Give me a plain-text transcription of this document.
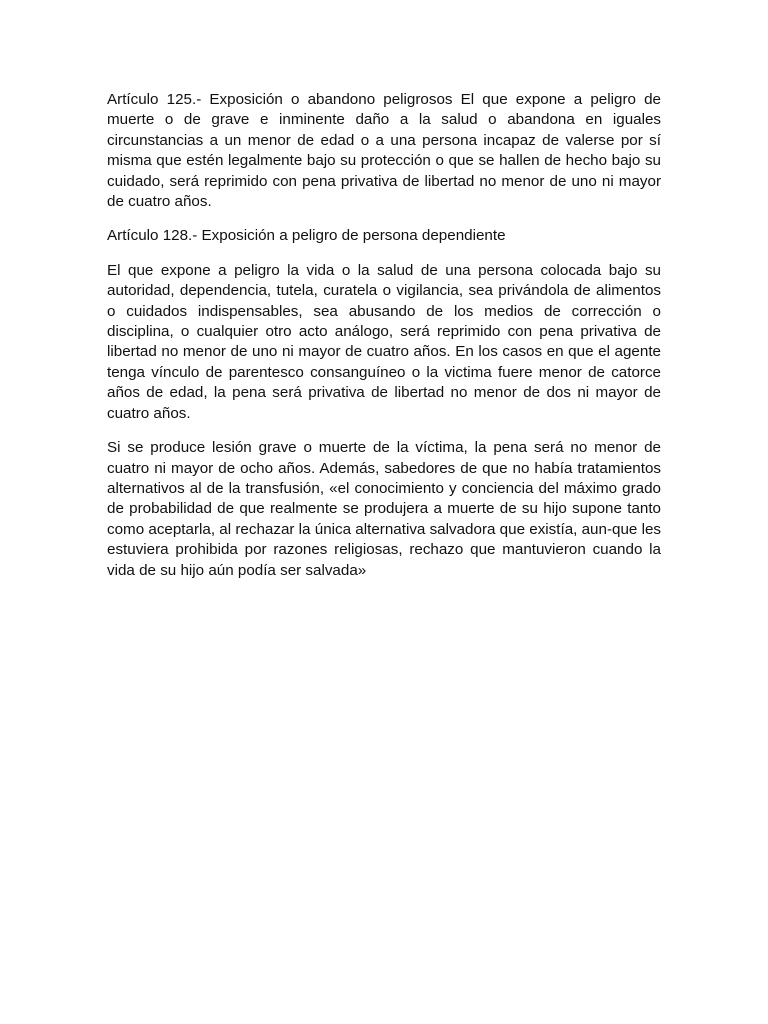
Artículo 125.- Exposición o abandono peligrosos El que expone a peligro de muerte o de grave e inminente daño a la salud o abandona en iguales circunstancias a un menor de edad o a una persona incapaz de valerse por sí misma que estén legalmente bajo su protección o que se hallen de hecho bajo su cuidado, será reprimido con pena privativa de libertad no menor de uno ni mayor de cuatro años.

Artículo 128.- Exposición a peligro de persona dependiente

El que expone a peligro la vida o la salud de una persona colocada bajo su autoridad, dependencia, tutela, curatela o vigilancia, sea privándola de alimentos o cuidados indispensables, sea abusando de los medios de corrección o disciplina, o cualquier otro acto análogo, será reprimido con pena privativa de libertad no menor de uno ni mayor de cuatro años. En los casos en que el agente tenga vínculo de parentesco consanguíneo o la victima fuere menor de catorce años de edad, la pena será privativa de libertad no menor de dos ni mayor de cuatro años.

Si se produce lesión grave o muerte de la víctima, la pena será no menor de cuatro ni mayor de ocho años. Además, sabedores de que no había tratamientos alternativos al de la transfusión, «el conocimiento y conciencia del máximo grado de probabilidad de que realmente se produjera a muerte de su hijo supone tanto como aceptarla, al rechazar la única alternativa salvadora que existía, aun-que les estuviera prohibida por razones religiosas, rechazo que mantuvieron cuando la vida de su hijo aún podía ser salvada»
